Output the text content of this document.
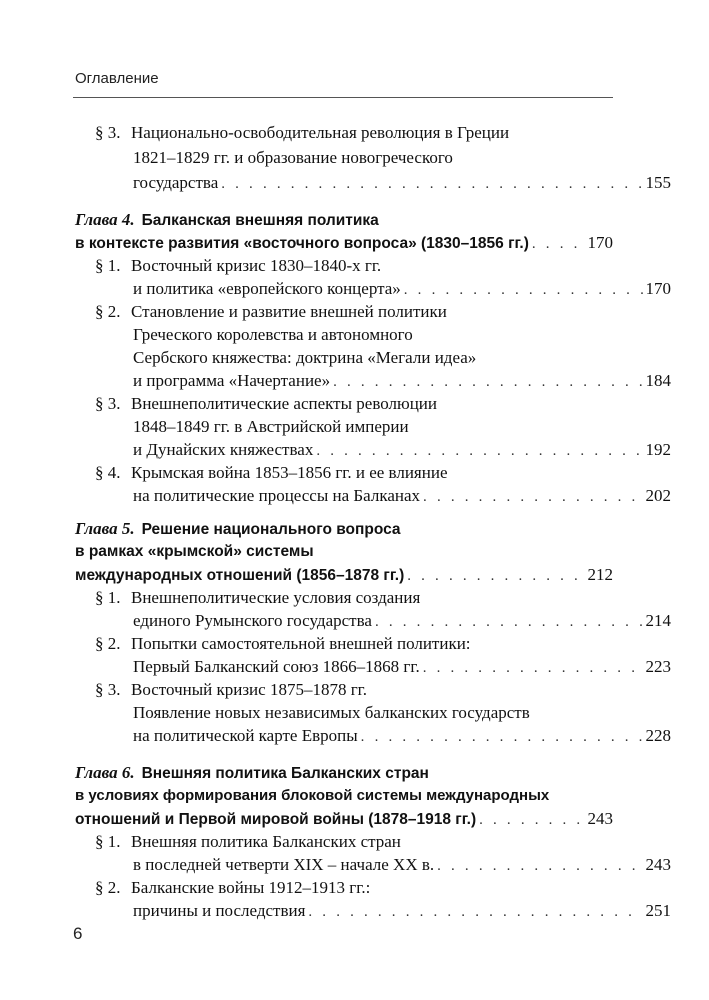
Оглавление
§ 3. Национально-освободительная революция в Греции
1821–1829 гг. и образование новогреческого
государства . . .	155
Глава 4. Балканская внешняя политика
в контексте развития «восточного вопроса» (1830–1856 гг.) . . .	170
§ 1. Восточный кризис 1830–1840-х гг.
и политика «европейского концерта» . . .	170
§ 2. Становление и развитие внешней политики
Греческого королевства и автономного
Сербского княжества: доктрина «Мегали идеа»
и программа «Начертание» . . .	184
§ 3. Внешнеполитические аспекты революции
1848–1849 гг. в Австрийской империи
и Дунайских княжествах . . .	192
§ 4. Крымская война 1853–1856 гг. и ее влияние
на политические процессы на Балканах . . .	202
Глава 5. Решение национального вопроса
в рамках «крымской» системы
международных отношений (1856–1878 гг.) . . .	212
§ 1. Внешнеполитические условия создания
единого Румынского государства . . .	214
§ 2. Попытки самостоятельной внешней политики:
Первый Балканский союз 1866–1868 гг. . . .	223
§ 3. Восточный кризис 1875–1878 гг.
Появление новых независимых балканских государств
на политической карте Европы . . .	228
Глава 6. Внешняя политика Балканских стран
в условиях формирования блоковой системы международных
отношений и Первой мировой войны (1878–1918 гг.) . . .	243
§ 1. Внешняя политика Балканских стран
в последней четверти XIX – начале XX в. . . .	243
§ 2. Балканские войны 1912–1913 гг.:
причины и последствия . . .	251
6
